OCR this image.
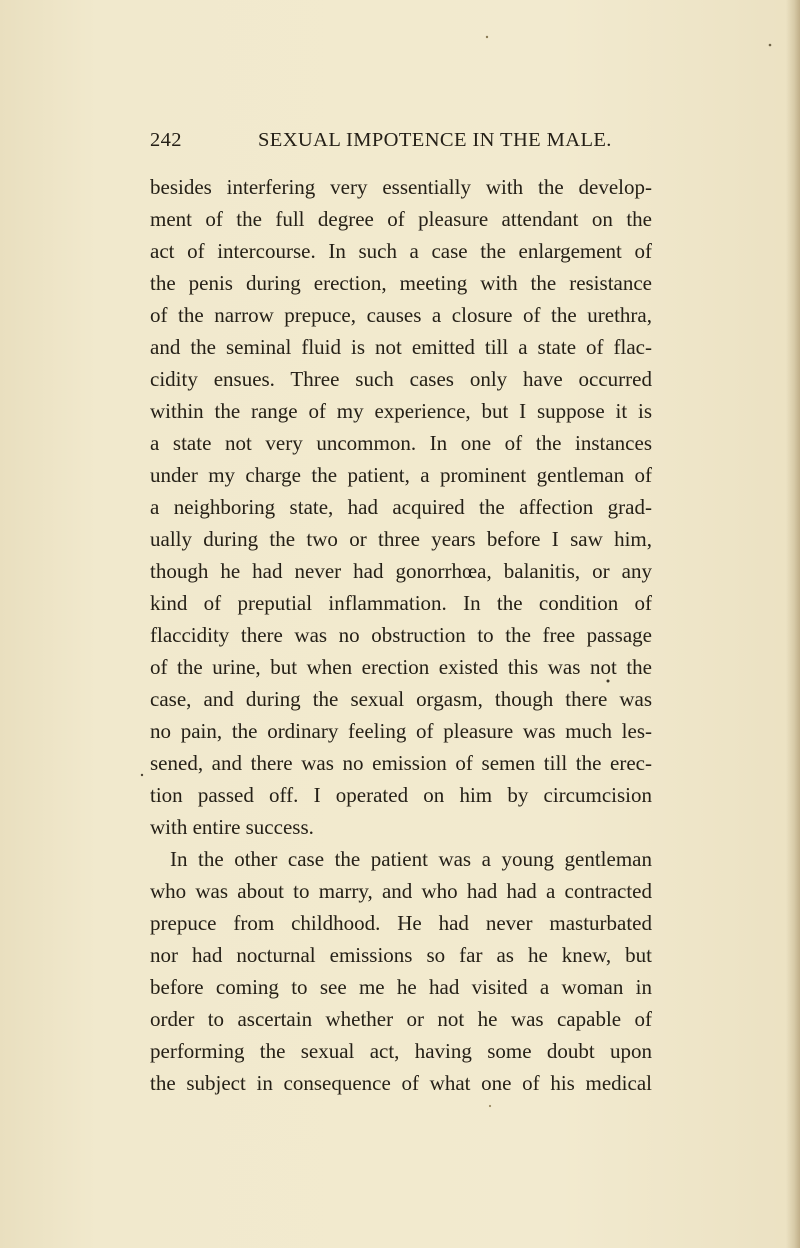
242	SEXUAL IMPOTENCE IN THE MALE.
besides interfering very essentially with the develop-
ment of the full degree of pleasure attendant on the
act of intercourse. In such a case the enlargement of
the penis during erection, meeting with the resistance
of the narrow prepuce, causes a closure of the urethra,
and the seminal fluid is not emitted till a state of flac-
cidity ensues. Three such cases only have occurred
within the range of my experience, but I suppose it is
a state not very uncommon. In one of the instances
under my charge the patient, a prominent gentleman of
a neighboring state, had acquired the affection grad-
ually during the two or three years before I saw him,
though he had never had gonorrhœa, balanitis, or any
kind of preputial inflammation. In the condition of
flaccidity there was no obstruction to the free passage
of the urine, but when erection existed this was not the
case, and during the sexual orgasm, though there was
no pain, the ordinary feeling of pleasure was much les-
sened, and there was no emission of semen till the erec-
tion passed off. I operated on him by circumcision
with entire success.
In the other case the patient was a young gentleman
who was about to marry, and who had had a contracted
prepuce from childhood. He had never masturbated
nor had nocturnal emissions so far as he knew, but
before coming to see me he had visited a woman in
order to ascertain whether or not he was capable of
performing the sexual act, having some doubt upon
the subject in consequence of what one of his medical
